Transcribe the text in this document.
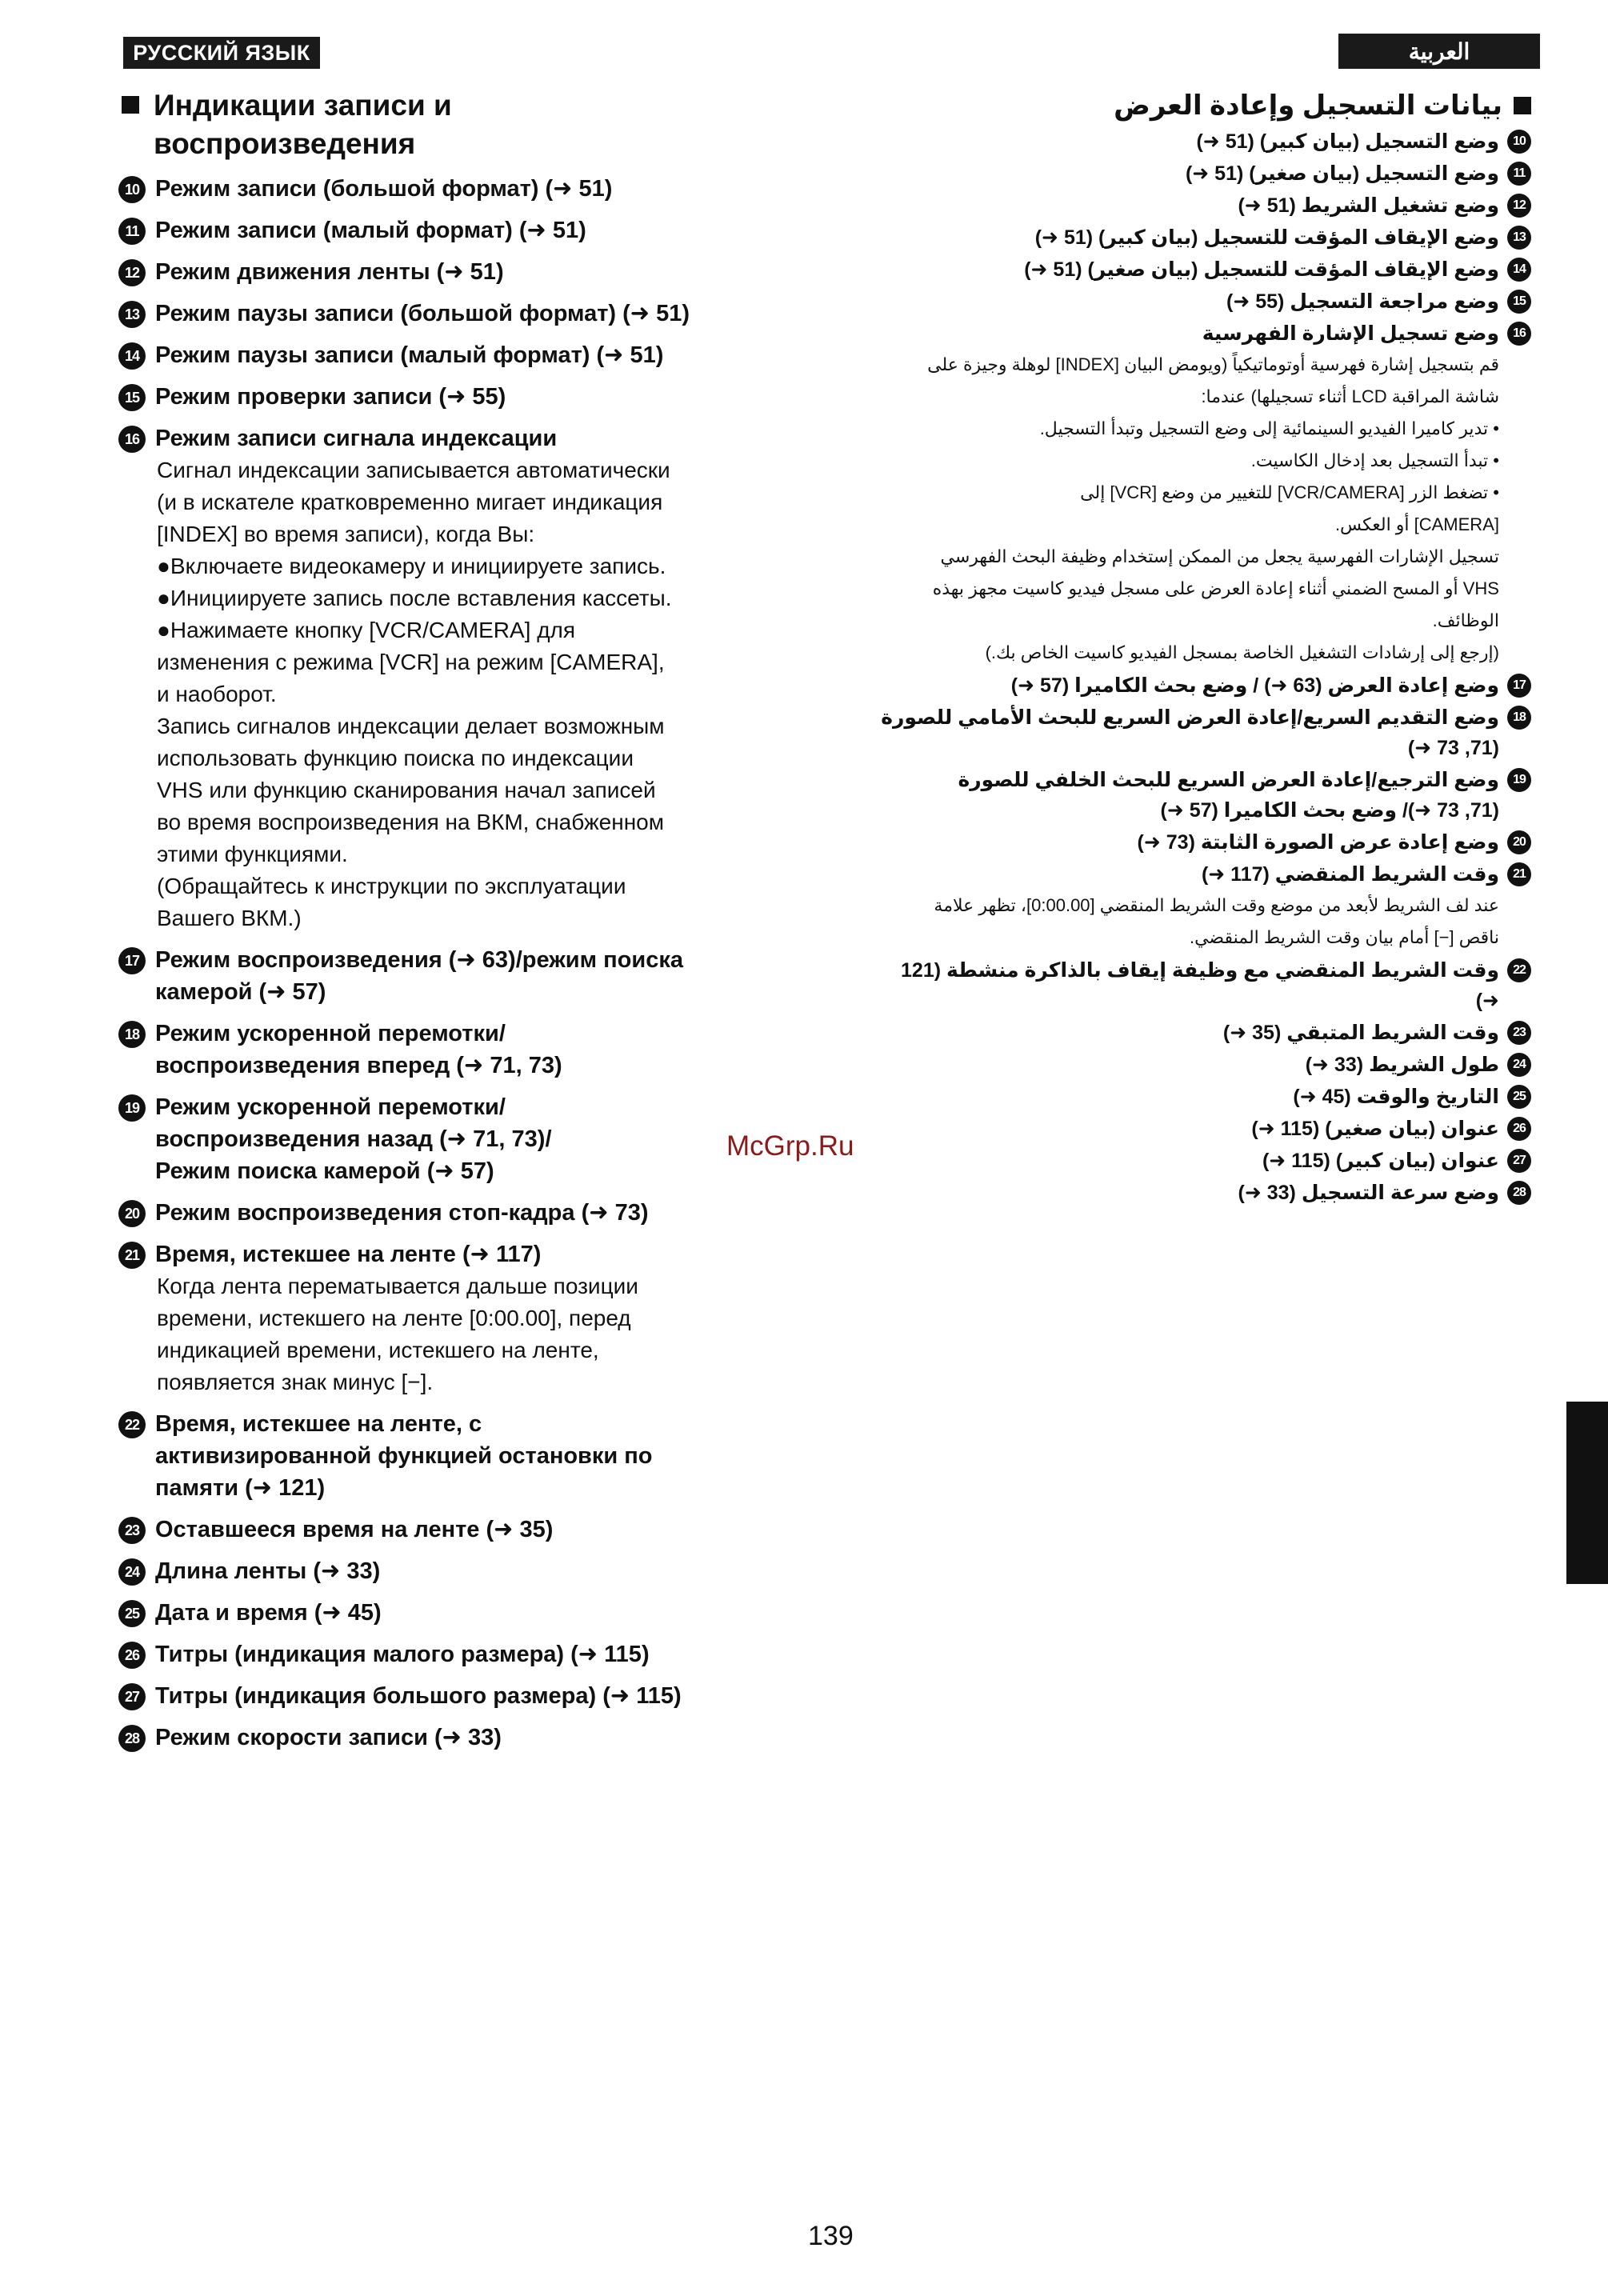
РУССКИЙ ЯЗЫК	العربية
Индикации записи и воспроизведения
10 Режим записи (большой формат) (➜ 51)
11 Режим записи (малый формат) (➜ 51)
12 Режим движения ленты (➜ 51)
13 Режим паузы записи (большой формат) (➜ 51)
14 Режим паузы записи (малый формат) (➜ 51)
15 Режим проверки записи (➜ 55)
16 Режим записи сигнала индексации
Сигнал индексации записывается автоматически
(и в искателе кратковременно мигает индикация
[INDEX] во время записи), когда Вы:
●Включаете видеокамеру и инициируете запись.
●Инициируете запись после вставления кассеты.
●Нажимаете кнопку [VCR/CAMERA] для
изменения с режима [VCR] на режим [CAMERA],
и наоборот.
Запись сигналов индексации делает возможным
использовать функцию поиска по индексации
VHS или функцию сканирования начал записей
во время воспроизведения на ВКМ, снабженном
этими функциями.
(Обращайтесь к инструкции по эксплуатации
Вашего ВКМ.)
17 Режим воспроизведения (➜ 63)/режим поиска
камерой (➜ 57)
18 Режим ускоренной перемотки/
воспроизведения вперед (➜ 71, 73)
19 Режим ускоренной перемотки/
воспроизведения назад (➜ 71, 73)/
Режим поиска камерой (➜ 57)
20 Режим воспроизведения стоп-кадра (➜ 73)
21 Время, истекшее на ленте (➜ 117)
Когда лента перематывается дальше позиции
времени, истекшего на ленте [0:00.00], перед
индикацией времени, истекшего на ленте,
появляется знак минус [−].
22 Время, истекшее на ленте, с
активизированной функцией остановки по
памяти (➜ 121)
23 Оставшееся время на ленте (➜ 35)
24 Длина ленты (➜ 33)
25 Дата и время (➜ 45)
26 Титры (индикация малого размера) (➜ 115)
27 Титры (индикация большого размера) (➜ 115)
28 Режим скорости записи (➜ 33)
بيانات التسجيل وإعادة العرض
10
وضع التسجيل (بيان كبير) (51 ➜)
11
وضع التسجيل (بيان صغير) (51 ➜)
12
وضع تشغيل الشريط (51 ➜)
13
وضع الإيقاف المؤقت للتسجيل (بيان كبير) (51 ➜)
14
وضع الإيقاف المؤقت للتسجيل (بيان صغير) (51 ➜)
15
وضع مراجعة التسجيل (55 ➜)
16
وضع تسجيل الإشارة الفهرسية
قم بتسجيل إشارة فهرسية أوتوماتيكياً (ويومض البيان [INDEX] لوهلة وجيزة على
شاشة المراقبة LCD أثناء تسجيلها) عندما:
• تدير كاميرا الفيديو السينمائية إلى وضع التسجيل وتبدأ التسجيل.
• تبدأ التسجيل بعد إدخال الكاسيت.
• تضغط الزر [VCR/CAMERA] للتغيير من وضع [VCR] إلى
[CAMERA] أو العكس.
تسجيل الإشارات الفهرسية يجعل من الممكن إستخدام وظيفة البحث الفهرسي
VHS أو المسح الضمني أثناء إعادة العرض على مسجل فيديو كاسيت مجهز بهذه
الوظائف.
(إرجع إلى إرشادات التشغيل الخاصة بمسجل الفيديو كاسيت الخاص بك.)
17
وضع إعادة العرض (63 ➜) / وضع بحث الكاميرا (57 ➜)
18
وضع التقديم السريع/إعادة العرض السريع للبحث الأمامي للصورة
(71, 73 ➜)
19
وضع الترجيع/إعادة العرض السريع للبحث الخلفي للصورة
(71, 73 ➜)/ وضع بحث الكاميرا (57 ➜)
20
وضع إعادة عرض الصورة الثابتة (73 ➜)
21
وقت الشريط المنقضي (117 ➜)
عند لف الشريط لأبعد من موضع وقت الشريط المنقضي [0:00.00]، تظهر علامة
ناقص [−] أمام بيان وقت الشريط المنقضي.
22
وقت الشريط المنقضي مع وظيفة إيقاف بالذاكرة منشطة (121 ➜)
23
وقت الشريط المتبقي (35 ➜)
24
طول الشريط (33 ➜)
25
التاريخ والوقت (45 ➜)
26
عنوان (بيان صغير) (115 ➜)
27
عنوان (بيان كبير) (115 ➜)
28
وضع سرعة التسجيل (33 ➜)
McGrp.Ru
139
